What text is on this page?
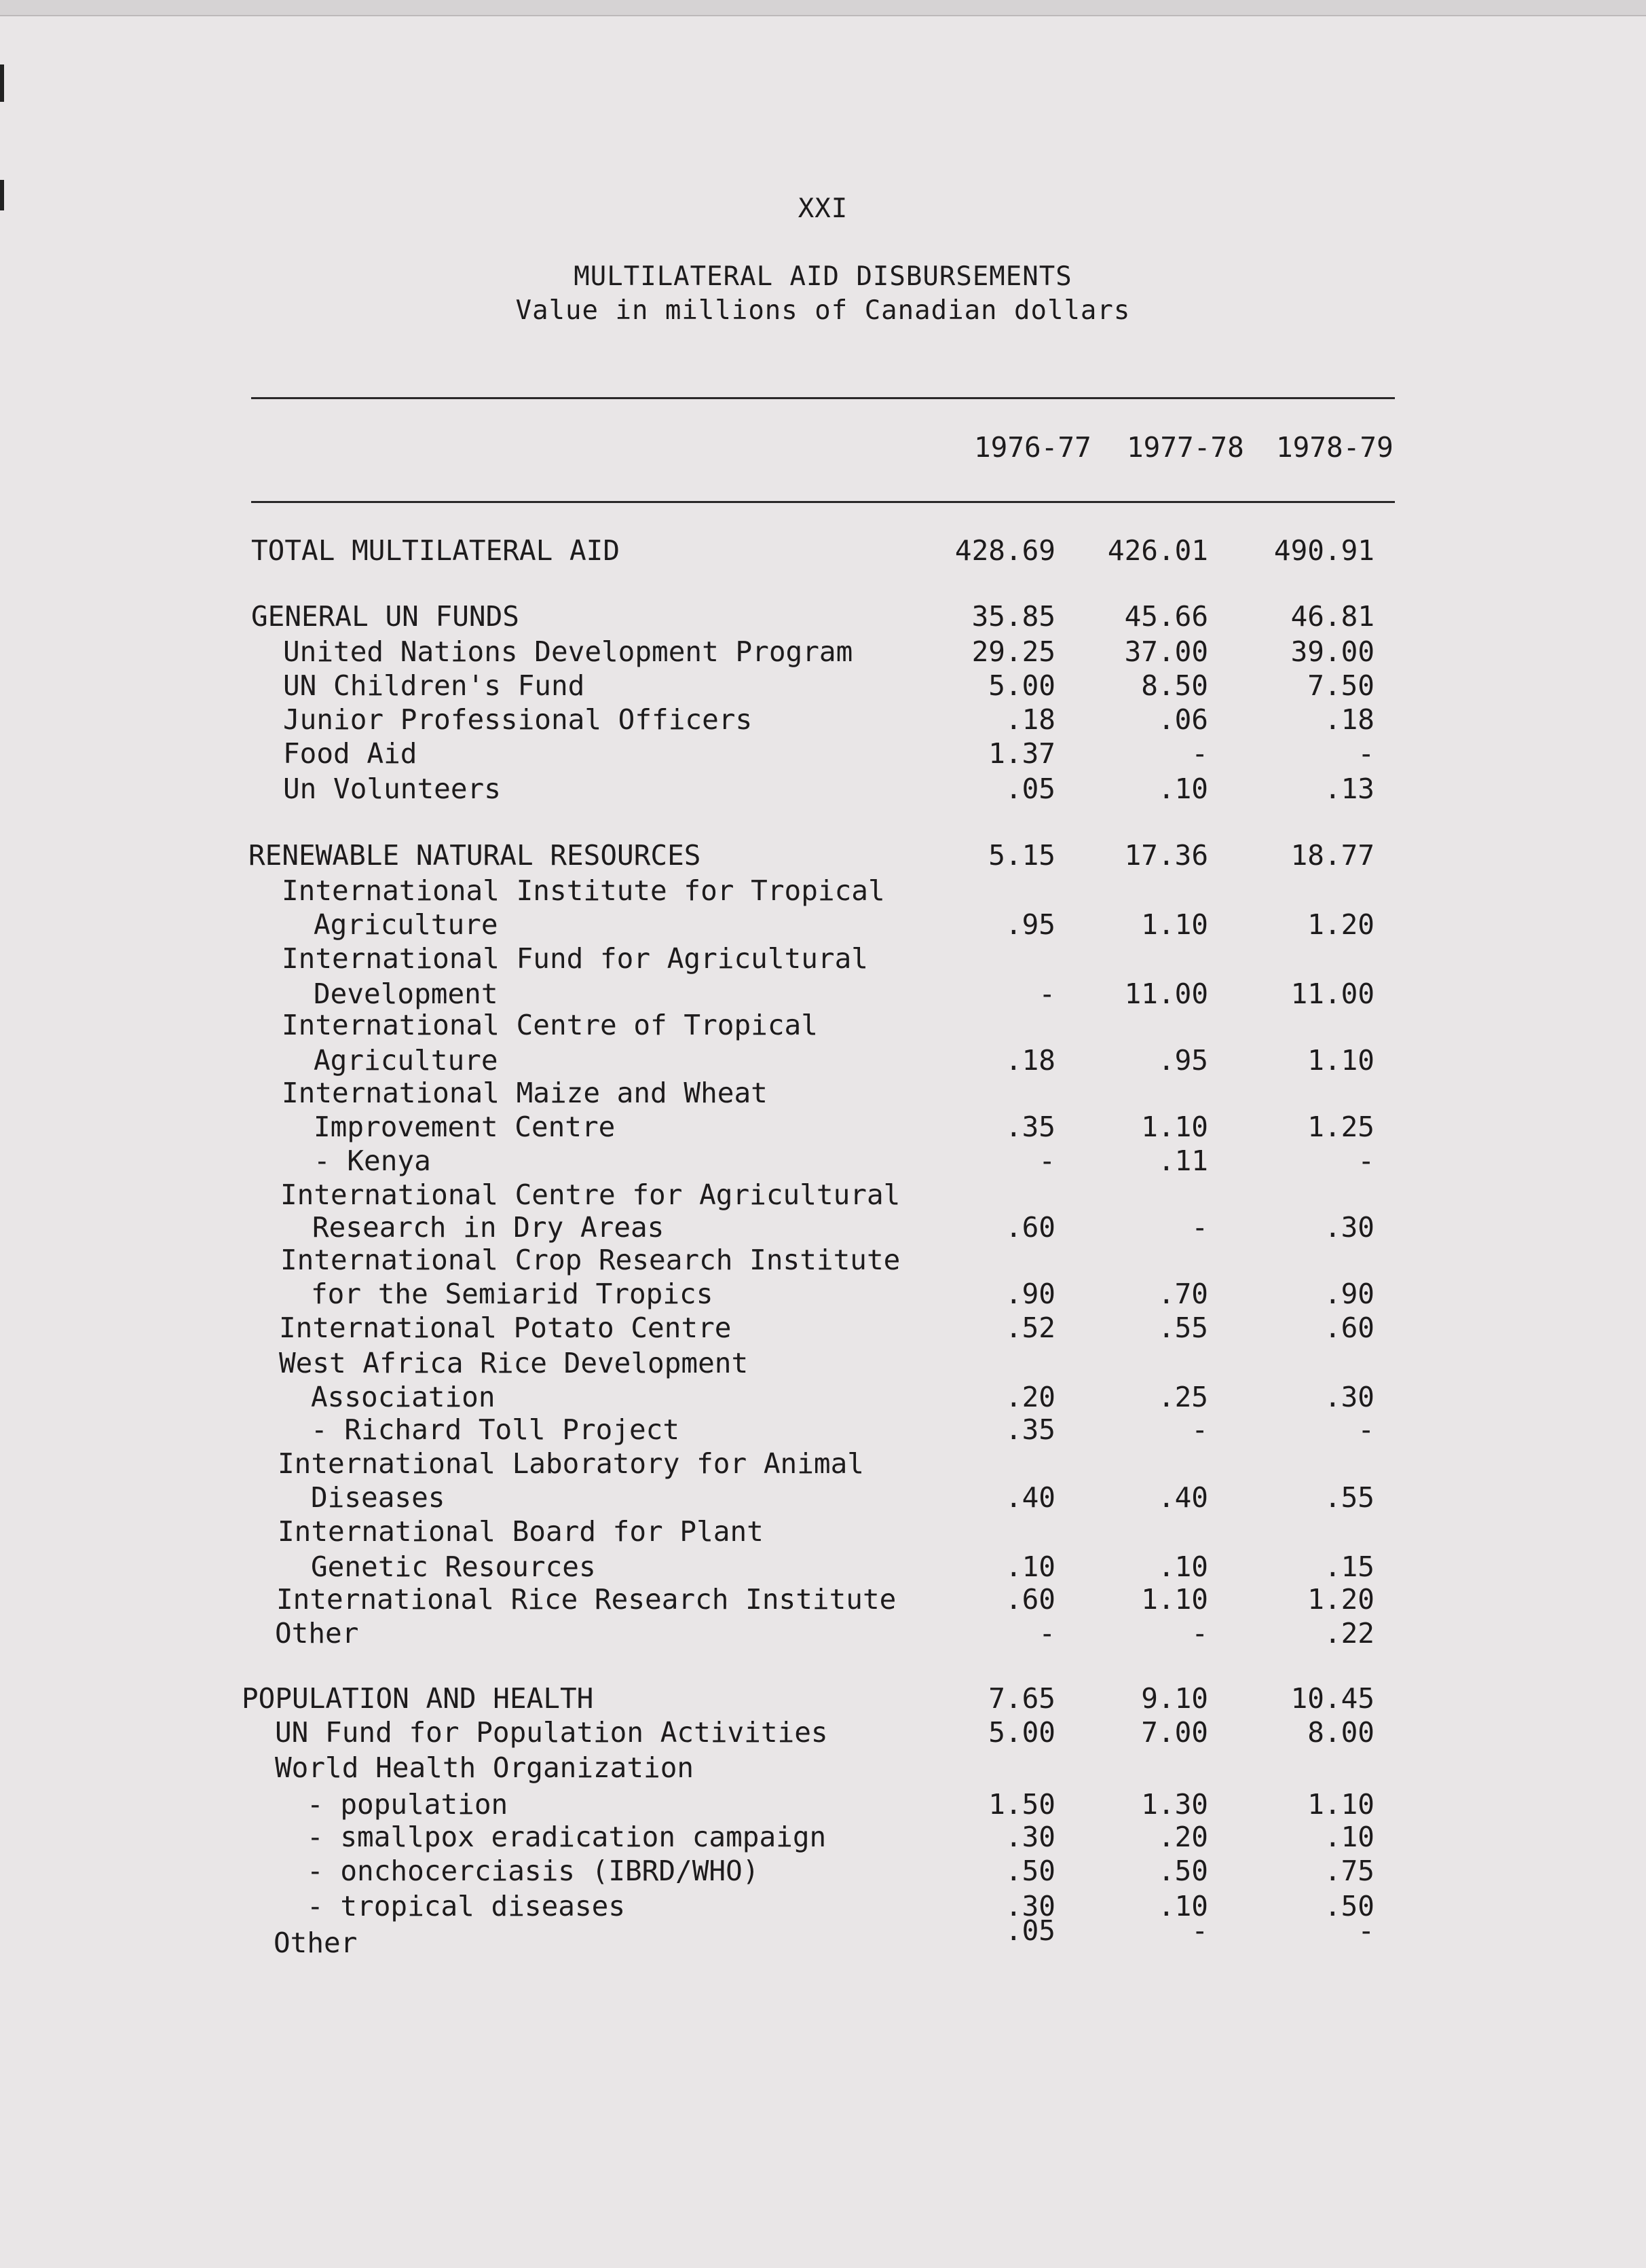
XXI
MULTILATERAL AID DISBURSEMENTS
Value in millions of Canadian dollars
1976-77 1977-78 1978-79
TOTAL MULTILATERAL AID	428.69	426.01	490.91
GENERAL UN FUNDS	35.85	45.66	46.81
United Nations Development Program	29.25	37.00	39.00
UN Children's Fund	5.00	8.50	7.50
Junior Professional Officers	.18	.06	.18
Food Aid	1.37	-	-
Un Volunteers	.05	.10	.13
RENEWABLE NATURAL RESOURCES	5.15	17.36	18.77
International Institute for Tropical
Agriculture	.95	1.10	1.20
International Fund for Agricultural
Development	-	11.00	11.00
International Centre of Tropical
Agriculture	.18	.95	1.10
International Maize and Wheat
Improvement Centre	.35	1.10	1.25
- Kenya	-	.11	-
International Centre for Agricultural
Research in Dry Areas	.60	-	.30
International Crop Research Institute
for the Semiarid Tropics	.90	.70	.90
International Potato Centre	.52	.55	.60
West Africa Rice Development
Association	.20	.25	.30
- Richard Toll Project	.35	-	-
International Laboratory for Animal
Diseases	.40	.40	.55
International Board for Plant
Genetic Resources	.10	.10	.15
International Rice Research Institute	.60	1.10	1.20
Other	-	-	.22
POPULATION AND HEALTH	7.65	9.10	10.45
UN Fund for Population Activities	5.00	7.00	8.00
World Health Organization
- population	1.50	1.30	1.10
- smallpox eradication campaign	.30	.20	.10
- onchocerciasis (IBRD/WHO)	.50	.50	.75
- tropical diseases	.30	.10	.50
Other	.05	-	-
